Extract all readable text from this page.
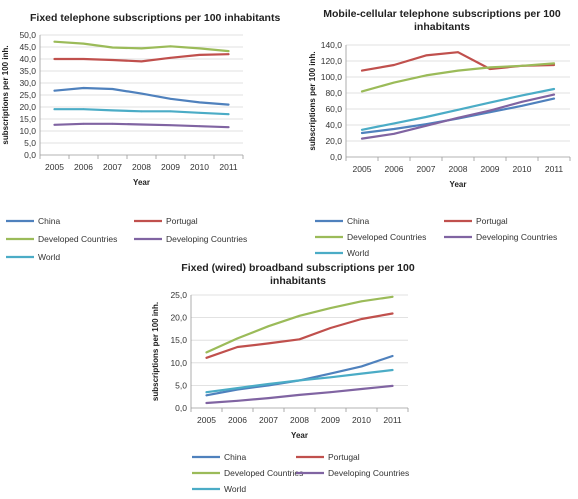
Fixed telephone subscriptions per 100 inhabitants
0,0
5,0
10,0
15,0
20,0
25,0
30,0
35,0
40,0
45,0
50,0
2005 2006 2007 2008 2009 2010 2011
Year
subscriptions per 100 inh.
China	Portugal
Developed Countries	Developing Countries
World
Mobile-cellular telephone subscriptions per 100 inhabitants
0,0
20,0
40,0
60,0
80,0
100,0
120,0
140,0
2005 2006 2007 2008 2009 2010 2011
Year
subscriptions per 100 inh.
China	Portugal
Developed Countries	Developing Countries
World
Fixed (wired) broadband subscriptions per 100 inhabitants
0,0
5,0
10,0
15,0
20,0
25,0
2005 2006 2007 2008 2009 2010 2011
Year
subscriptions per 100 inh.
China	Portugal
Developed Countries	Developing Countries
World
